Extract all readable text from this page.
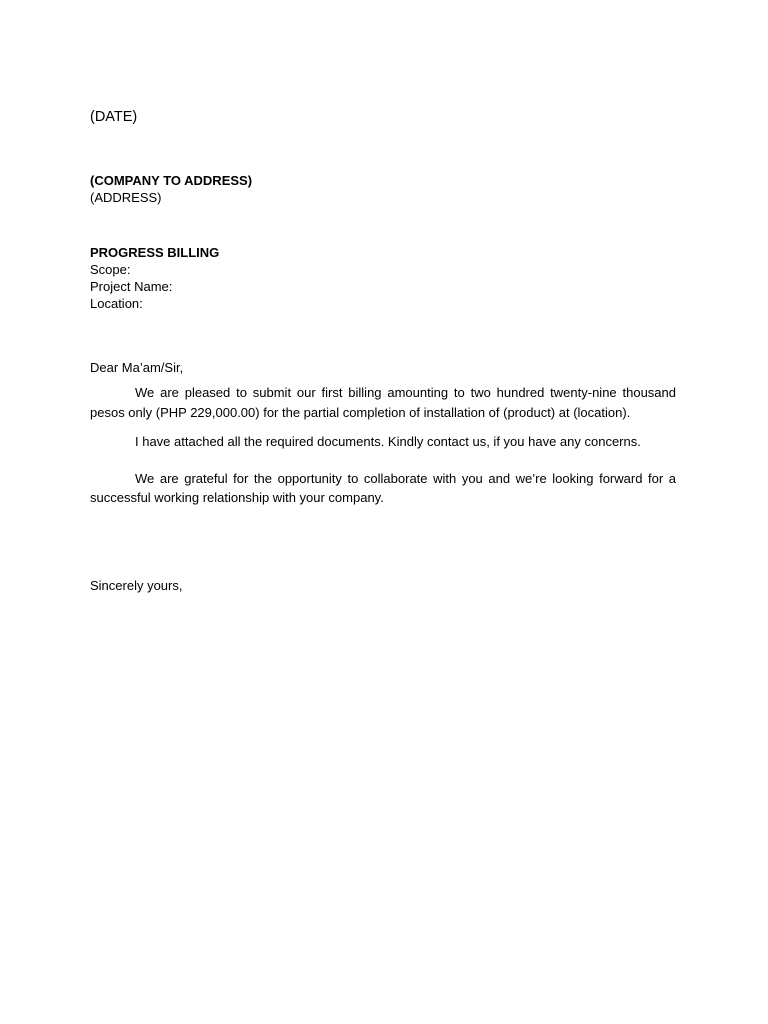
(DATE)

(COMPANY TO ADDRESS)

(ADDRESS)

PROGRESS BILLING

Scope:

Project Name:

Location:

Dear Ma’am/Sir,

We are pleased to submit our first billing amounting to two hundred twenty-nine thousand pesos only (PHP 229,000.00) for the partial completion of installation of (product) at (location).

I have attached all the required documents. Kindly contact us, if you have any concerns.

We are grateful for the opportunity to collaborate with you and we’re looking forward for a successful working relationship with your company.

Sincerely yours,
